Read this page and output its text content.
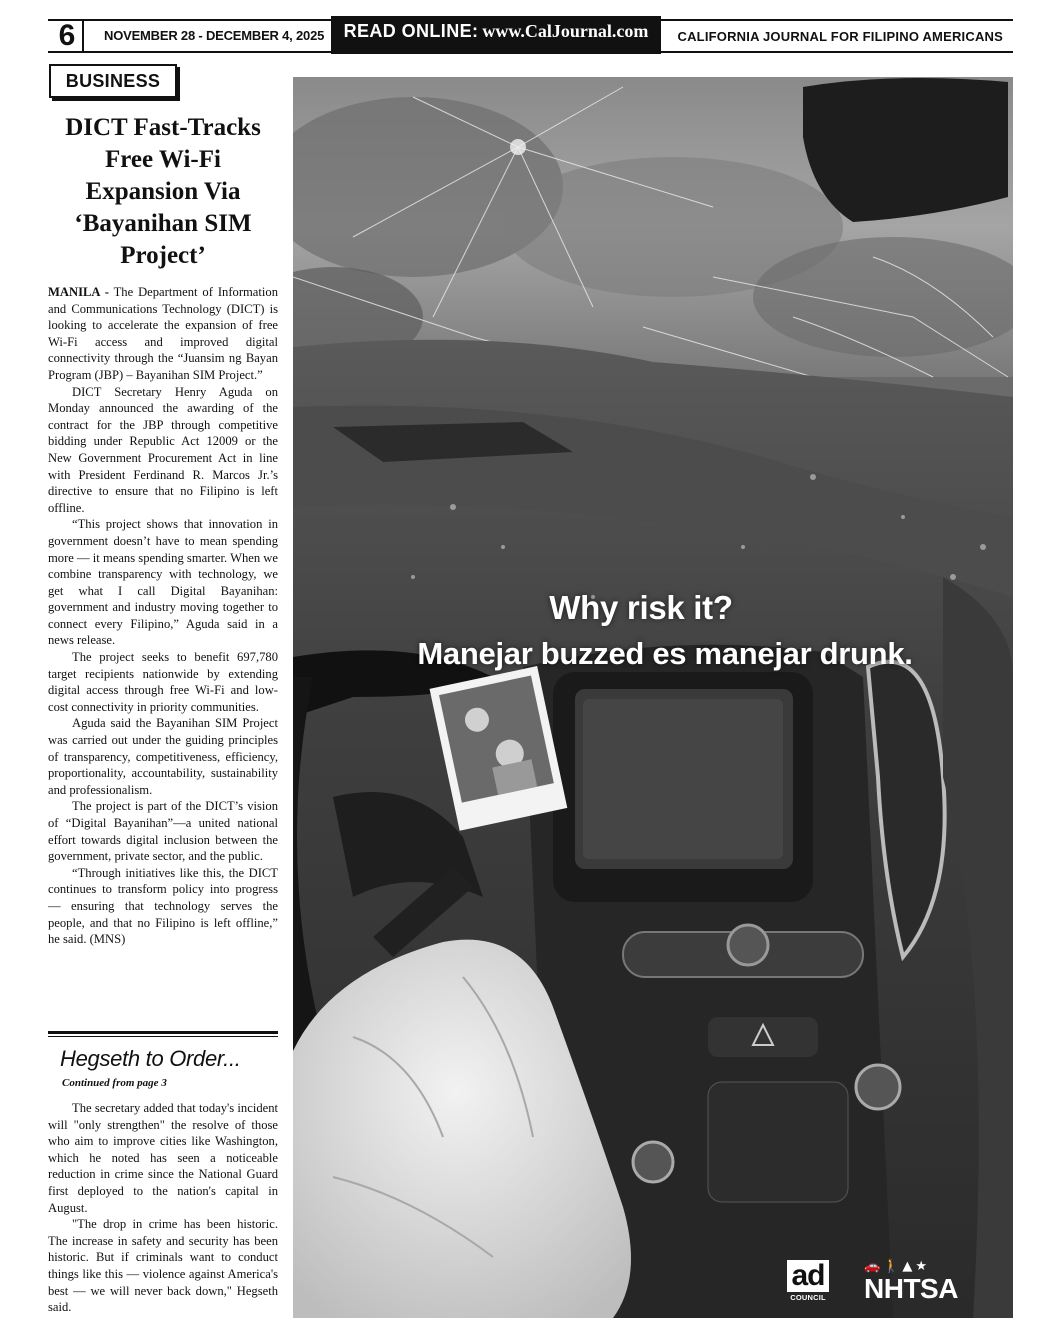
6	NOVEMBER 28 - DECEMBER 4, 2025	READ ONLINE: www.CalJournal.com	CALIFORNIA JOURNAL FOR FILIPINO AMERICANS
BUSINESS
DICT Fast-Tracks Free Wi-Fi Expansion Via ‘Bayanihan SIM Project’

MANILA - The Department of Information and Communications Technology (DICT) is looking to accelerate the expansion of free Wi-Fi access and improved digital connectivity through the “Juansim ng Bayan Program (JBP) – Bayanihan SIM Project.”

DICT Secretary Henry Aguda on Monday announced the awarding of the contract for the JBP through competitive bidding under Republic Act 12009 or the New Government Procurement Act in line with President Ferdinand R. Marcos Jr.’s directive to ensure that no Filipino is left offline.

“This project shows that innovation in government doesn’t have to mean spending more — it means spending smarter. When we combine transparency with technology, we get what I call Digital Bayanihan: government and industry moving together to connect every Filipino,” Aguda said in a news release.

The project seeks to benefit 697,780 target recipients nationwide by extending digital access through free Wi-Fi and low-cost connectivity in priority communities.

Aguda said the Bayanihan SIM Project was carried out under the guiding principles of transparency, competitiveness, efficiency, proportionality, accountability, sustainability and professionalism.

The project is part of the DICT’s vision of “Digital Bayanihan”—a united national effort towards digital inclusion between the government, private sector, and the public.

“Through initiatives like this, the DICT continues to transform policy into progress — ensuring that technology serves the people, and that no Filipino is left offline,” he said. (MNS)

Hegseth to Order...
Continued from page 3

The secretary added that today's incident will "only strengthen" the resolve of those who aim to improve cities like Washington, which he noted has seen a noticeable reduction in crime since the National Guard first deployed to the nation's capital in August.

"The drop in crime has been historic. The increase in safety and security has been historic. But if criminals want to conduct things like this — violence against America's best — we will never back down," Hegseth said.

Why risk it?
Manejar buzzed es manejar drunk.
ad
COUNCIL
🚗🚶▲★
NHTSA
